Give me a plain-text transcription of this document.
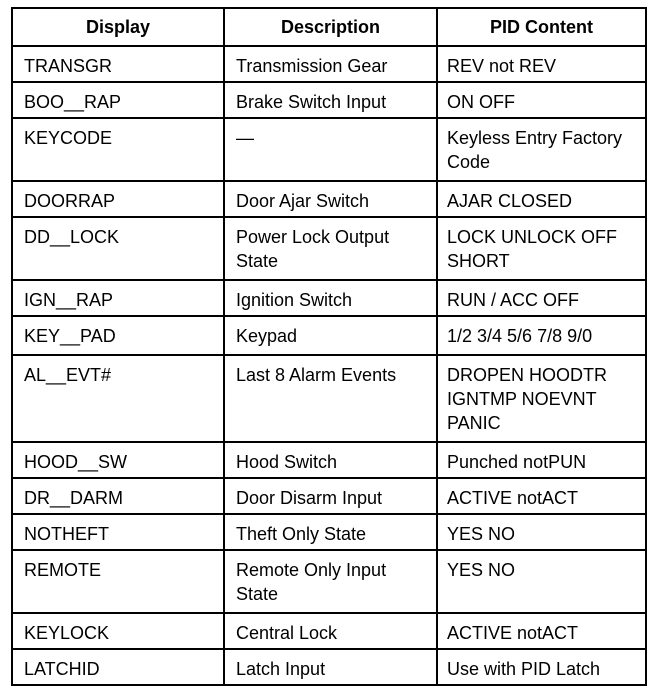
Display	Description	PID Content
TRANSGR	Transmission Gear	REV not REV
BOO__RAP	Brake Switch Input	ON OFF
KEYCODE	—	Keyless Entry Factory Code
DOORRAP	Door Ajar Switch	AJAR CLOSED
DD__LOCK	Power Lock Output State	LOCK UNLOCK OFF SHORT
IGN__RAP	Ignition Switch	RUN / ACC OFF
KEY__PAD	Keypad	1/2 3/4 5/6 7/8 9/0
AL__EVT#	Last 8 Alarm Events	DROPEN HOODTR IGNTMP NOEVNT PANIC
HOOD__SW	Hood Switch	Punched notPUN
DR__DARM	Door Disarm Input	ACTIVE notACT
NOTHEFT	Theft Only State	YES NO
REMOTE	Remote Only Input State	YES NO
KEYLOCK	Central Lock	ACTIVE notACT
LATCHID	Latch Input	Use with PID Latch
